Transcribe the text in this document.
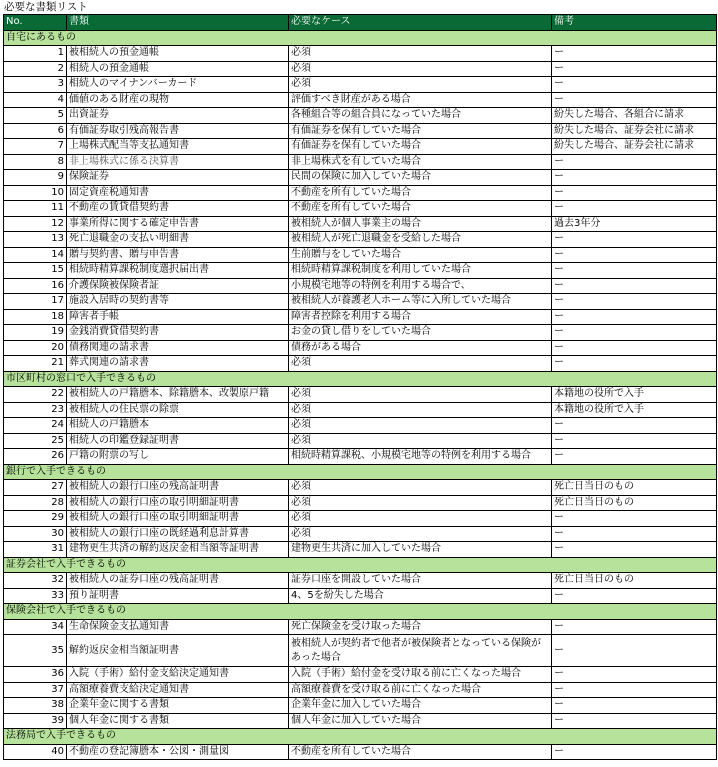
必要な書類リスト
No.	書類	必要なケース	備考
自宅にあるもの			
1	被相続人の預金通帳	必須	ー
2	相続人の預金通帳	必須	ー
3	相続人のマイナンバーカード	必須	ー
4	価値のある財産の現物	評価すべき財産がある場合	ー
5	出資証券	各種組合等の組合員になっていた場合	紛失した場合、各組合に請求
6	有価証券取引残高報告書	有価証券を保有していた場合	紛失した場合、証券会社に請求
7	上場株式配当等支払通知書	有価証券を保有していた場合	紛失した場合、証券会社に請求
8	非上場株式に係る決算書	非上場株式を有していた場合	ー
9	保険証券	民間の保険に加入していた場合	ー
10	固定資産税通知書	不動産を所有していた場合	ー
11	不動産の賃貸借契約書	不動産を所有していた場合	ー
12	事業所得に関する確定申告書	被相続人が個人事業主の場合	過去3年分
13	死亡退職金の支払い明細書	被相続人が死亡退職金を受給した場合	ー
14	贈与契約書、贈与申告書	生前贈与をしていた場合	ー
15	相続時精算課税制度選択届出書	相続時精算課税制度を利用していた場合	ー
16	介護保険被保険者証	小規模宅地等の特例を利用する場合で、	ー
17	施設入居時の契約書等	被相続人が養護老人ホーム等に入所していた場合	ー
18	障害者手帳	障害者控除を利用する場合	ー
19	金銭消費貸借契約書	お金の貸し借りをしていた場合	ー
20	債務関連の請求書	債務がある場合	ー
21	葬式関連の請求書	必須	ー
市区町村の窓口で入手できるもの			
22	被相続人の戸籍謄本、除籍謄本、改製原戸籍	必須	本籍地の役所で入手
23	被相続人の住民票の除票	必須	本籍地の役所で入手
24	相続人の戸籍謄本	必須	ー
25	相続人の印鑑登録証明書	必須	ー
26	戸籍の附票の写し	相続時精算課税、小規模宅地等の特例を利用する場合	ー
銀行で入手できるもの			
27	被相続人の銀行口座の残高証明書	必須	死亡日当日のもの
28	被相続人の銀行口座の取引明細証明書	必須	死亡日当日のもの
29	被相続人の銀行口座の取引明細証明書	必須	ー
30	被相続人の銀行口座の既経過利息計算書	必須	ー
31	建物更生共済の解約返戻金相当額等証明書	建物更生共済に加入していた場合	ー
証券会社で入手できるもの			
32	被相続人の証券口座の残高証明書	証券口座を開設していた場合	死亡日当日のもの
33	預り証明書	4、5を紛失した場合	ー
保険会社で入手できるもの			
34	生命保険金支払通知書	死亡保険金を受け取った場合	ー
35	解約返戻金相当額証明書	被相続人が契約者で他者が被保険者となっている保険があった場合	ー
36	入院（手術）給付金支給決定通知書	入院（手術）給付金を受け取る前に亡くなった場合	ー
37	高額療養費支給決定通知書	高額療養費を受け取る前に亡くなった場合	ー
38	企業年金に関する書類	企業年金に加入していた場合	ー
39	個人年金に関する書類	個人年金に加入していた場合	ー
法務局で入手できるもの			
40	不動産の登記簿謄本・公図・測量図	不動産を所有していた場合	ー
